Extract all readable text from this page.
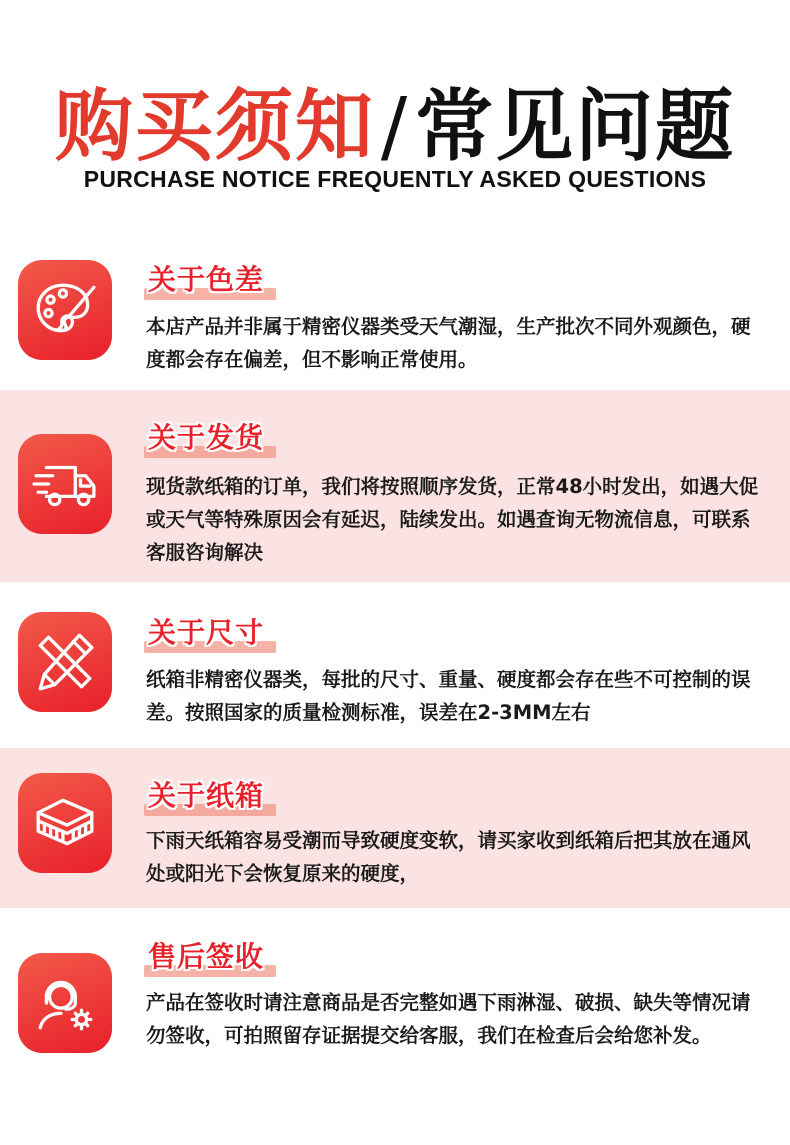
购买须知/常见问题
PURCHASE NOTICE FREQUENTLY ASKED QUESTIONS
关于色差
本店产品并非属于精密仪器类受天气潮湿，生产批次不同外观颜色，硬度都会存在偏差，但不影响正常使用。
关于发货
现货款纸箱的订单，我们将按照顺序发货，正常48小时发出，如遇大促或天气等特殊原因会有延迟，陆续发出。如遇查询无物流信息，可联系客服咨询解决
关于尺寸
纸箱非精密仪器类，每批的尺寸、重量、硬度都会存在些不可控制的误差。按照国家的质量检测标准，误差在2-3MM左右
关于纸箱
下雨天纸箱容易受潮而导致硬度变软，请买家收到纸箱后把其放在通风处或阳光下会恢复原来的硬度，
售后签收
产品在签收时请注意商品是否完整如遇下雨淋湿、破损、缺失等情况请勿签收，可拍照留存证据提交给客服，我们在检查后会给您补发。
